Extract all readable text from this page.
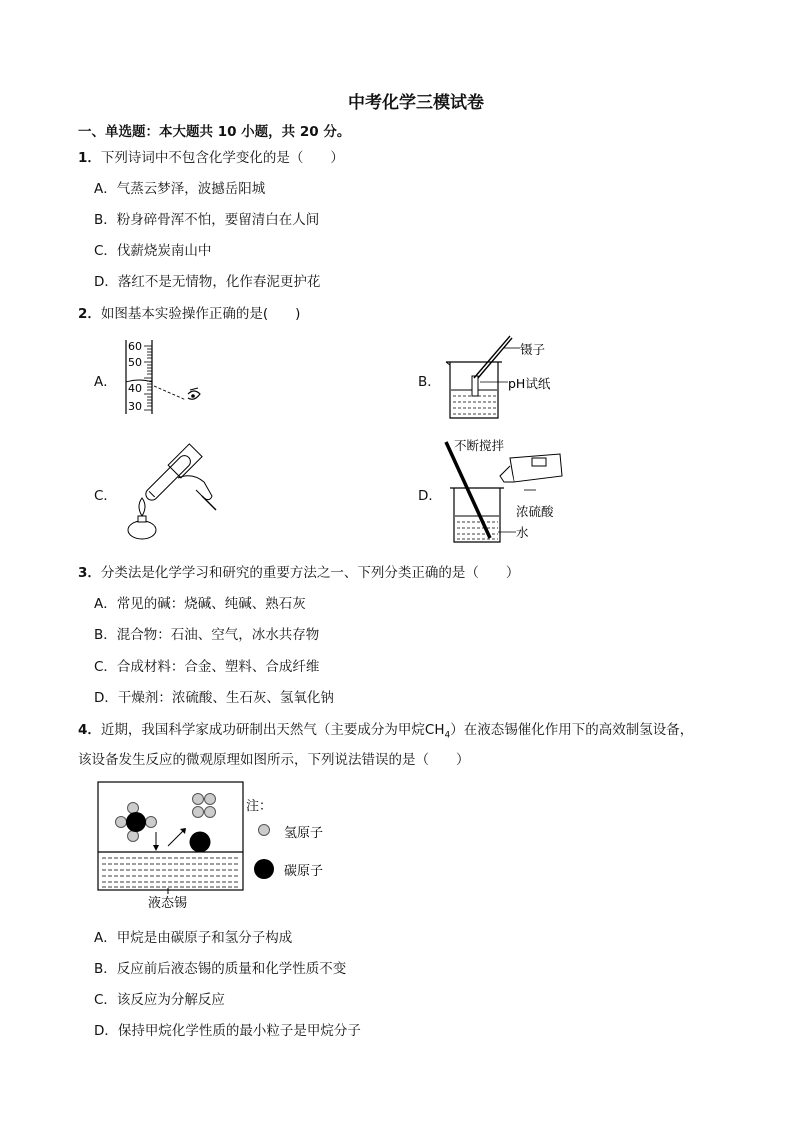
中考化学三模试卷
一、单选题：本大题共 10 小题，共 20 分。
1．下列诗词中不包含化学变化的是（　　）
A．气蒸云梦泽，波撼岳阳城
B．粉身碎骨浑不怕，要留清白在人间
C．伐薪烧炭南山中
D．落红不是无情物，化作春泥更护花
2．如图基本实验操作正确的是(　　)
A．	B．
C．	D．
60
50
40
30
镊子
pH试纸
不断搅拌
浓硫酸
水
3．分类法是化学学习和研究的重要方法之一、下列分类正确的是（　　）
A．常见的碱：烧碱、纯碱、熟石灰
B．混合物：石油、空气，冰水共存物
C．合成材料：合金、塑料、合成纤维
D．干燥剂：浓硫酸、生石灰、氢氧化钠
4．近期，我国科学家成功研制出天然气（主要成分为甲烷$CH_4$）在液态锡催化作用下的高效制氢设备，
该设备发生反应的微观原理如图所示，下列说法错误的是（　　）
注：
氢原子
碳原子
液态锡
A．甲烷是由碳原子和氢分子构成
B．反应前后液态锡的质量和化学性质不变
C．该反应为分解反应
D．保持甲烷化学性质的最小粒子是甲烷分子
